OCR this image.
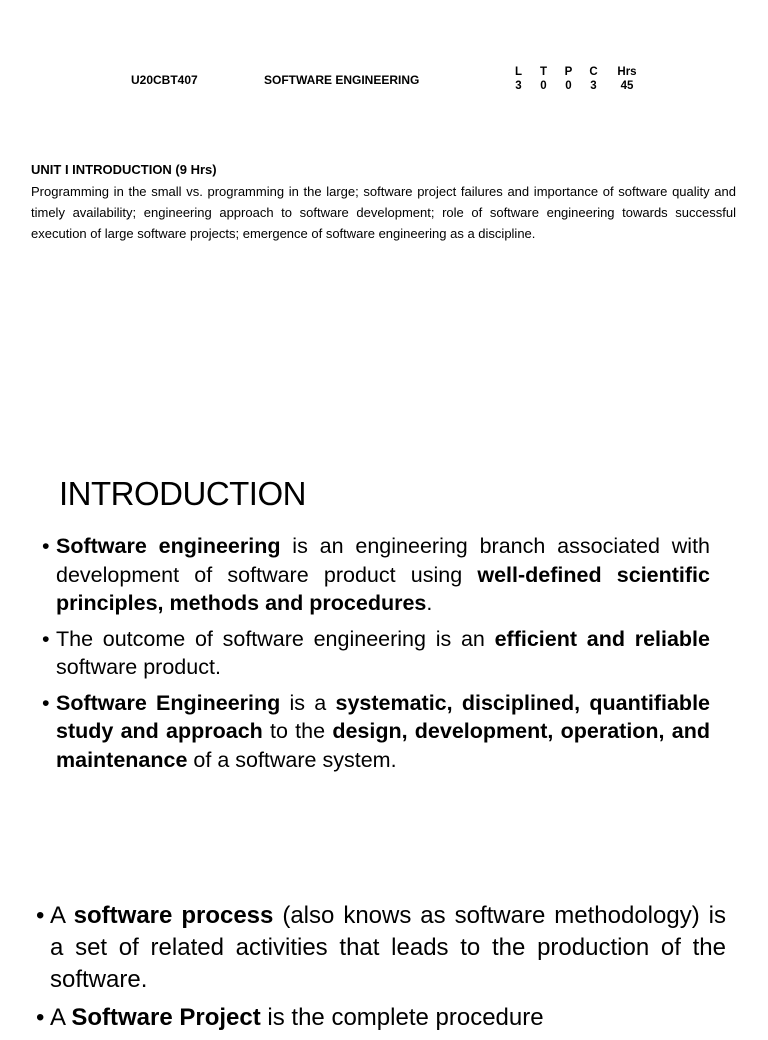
U20CBT407	SOFTWARE ENGINEERING
L	T	P	C	Hrs
3	0	0	3	45
UNIT I INTRODUCTION (9 Hrs)
Programming in the small vs. programming in the large; software project failures and importance of software quality and timely availability; engineering approach to software development; role of software engineering towards successful execution of large software projects; emergence of software engineering as a discipline.
INTRODUCTION
• Software engineering is an engineering branch associated with development of software product using well-defined scientific principles, methods and procedures.
• The outcome of software engineering is an efficient and reliable software product.
• Software Engineering is a systematic, disciplined, quantifiable study and approach to the design, development, operation, and maintenance of a software system.
• A software process (also knows as software methodology) is a set of related activities that leads to the production of the software.
• A Software Project is the complete procedure
